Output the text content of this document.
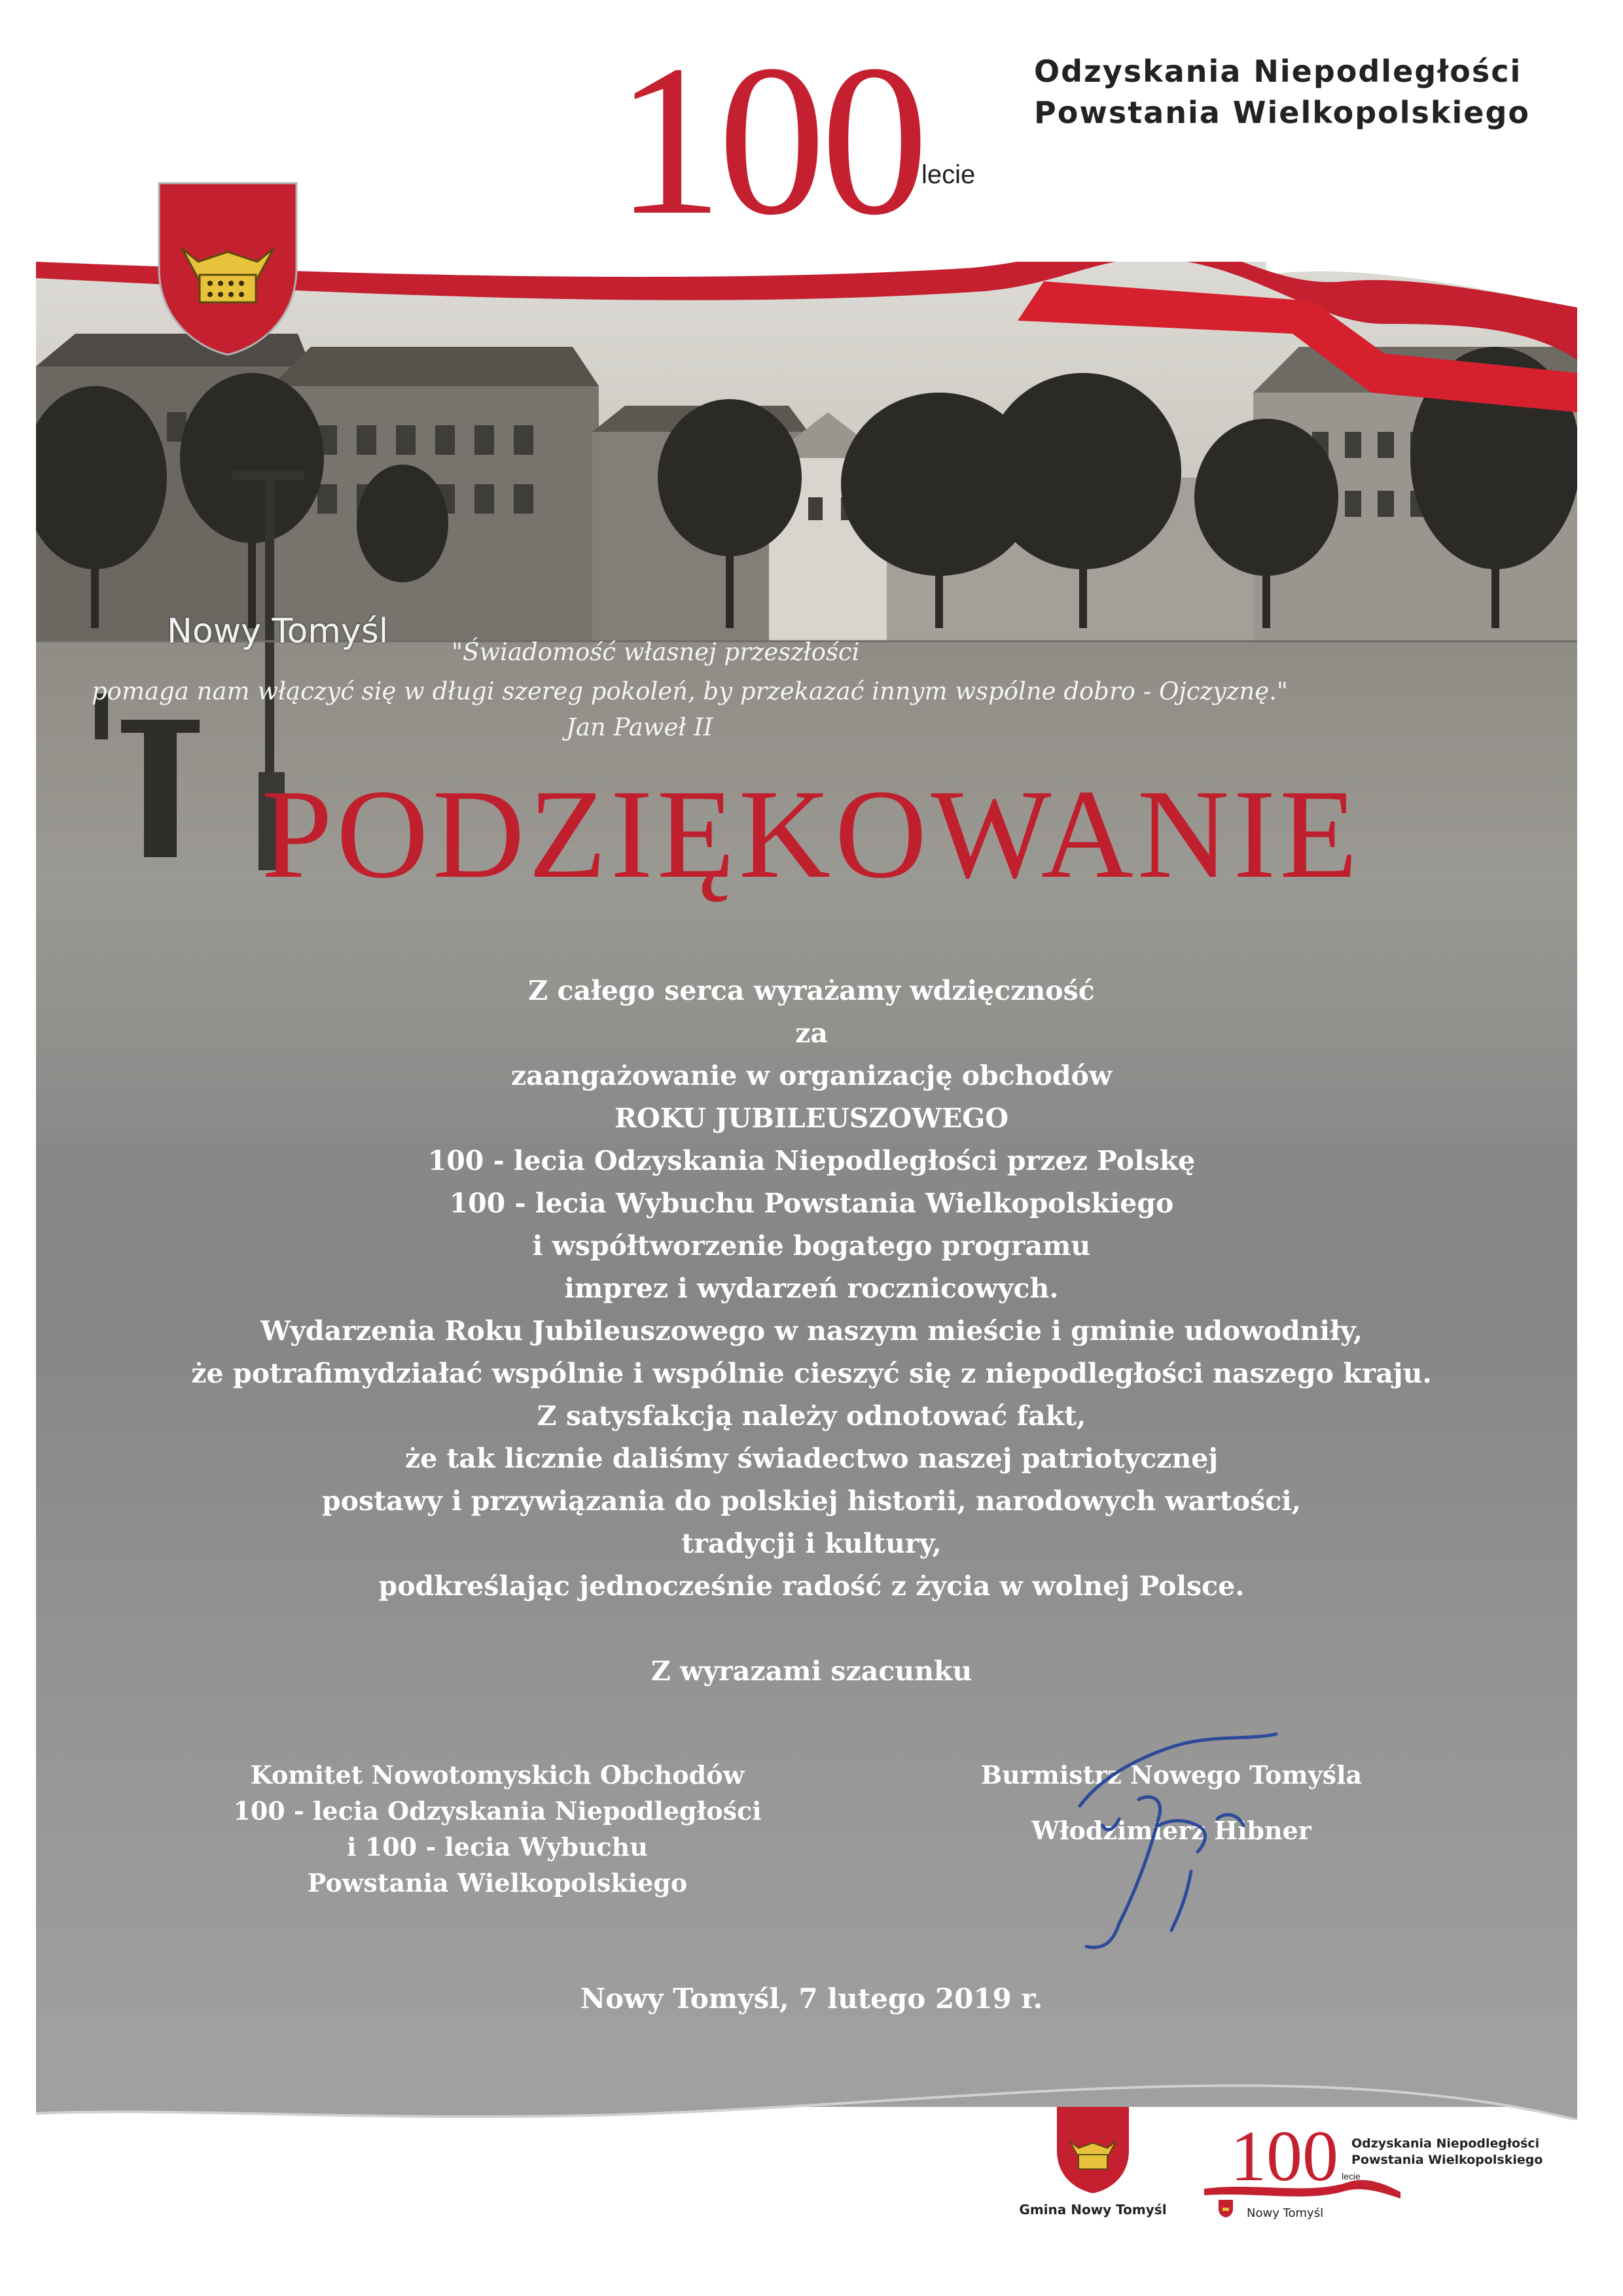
100
lecie
Odzyskania Niepodległości
Powstania Wielkopolskiego
Nowy Tomyśl
"Świadomość własnej przeszłości
pomaga nam włączyć się w długi szereg pokoleń, by przekazać innym wspólne dobro - Ojczyznę."
Jan Paweł II
PODZIĘKOWANIE
Z całego serca wyrażamy wdzięczność
za
zaangażowanie w organizację obchodów
ROKU JUBILEUSZOWEGO
100 - lecia Odzyskania Niepodległości przez Polskę
100 - lecia Wybuchu Powstania Wielkopolskiego
i współtworzenie bogatego programu
imprez i wydarzeń rocznicowych.
Wydarzenia Roku Jubileuszowego w naszym mieście i gminie udowodniły,
że potrafimydziałać wspólnie i wspólnie cieszyć się z niepodległości naszego kraju.
Z satysfakcją należy odnotować fakt,
że tak licznie daliśmy świadectwo naszej patriotycznej
postawy i przywiązania do polskiej historii, narodowych wartości,
tradycji i kultury,
podkreślając jednocześnie radość z życia w wolnej Polsce.
Z wyrazami szacunku
Komitet Nowotomyskich Obchodów
100 - lecia Odzyskania Niepodległości
i 100 - lecia Wybuchu
Powstania Wielkopolskiego
Burmistrz Nowego Tomyśla
Włodzimierz Hibner
Nowy Tomyśl, 7 lutego 2019 r.
Gmina Nowy Tomyśl
100 lecie
Odzyskania Niepodległości
Powstania Wielkopolskiego
Nowy Tomyśl
